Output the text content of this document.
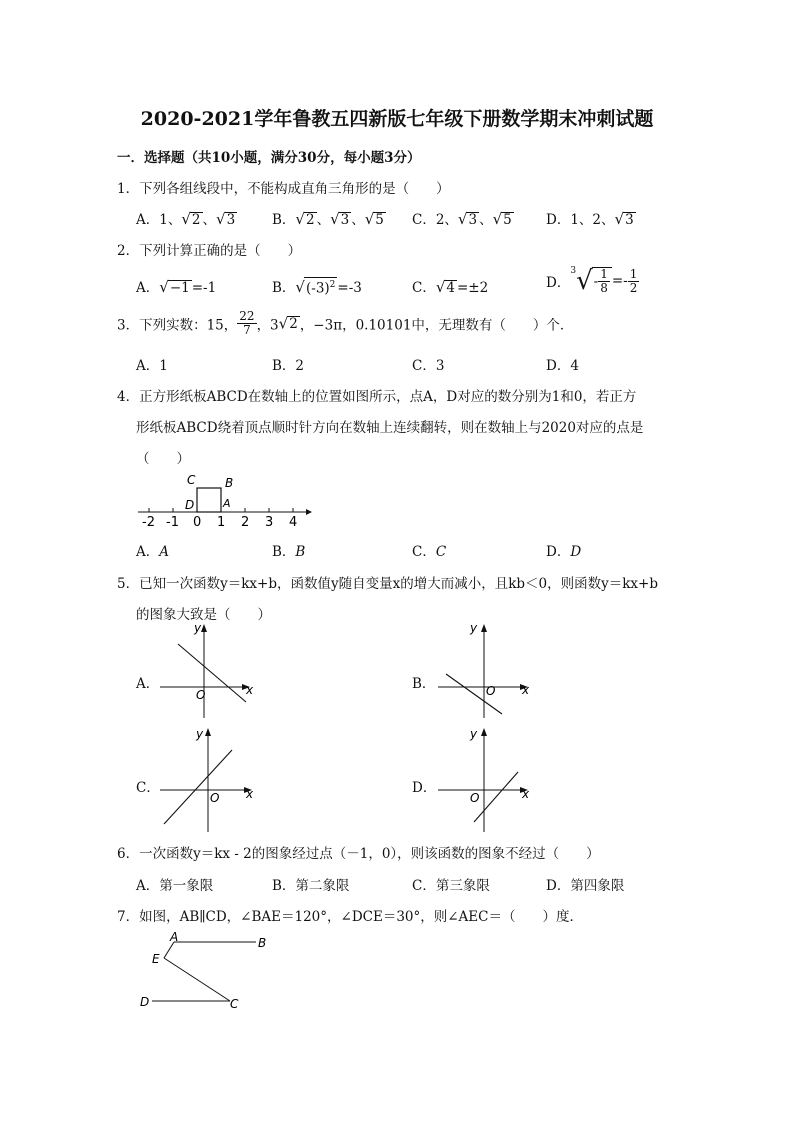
2020-2021学年鲁教五四新版七年级下册数学期末冲刺试题
一．选择题（共10小题，满分30分，每小题3分）
1．下列各组线段中，不能构成直角三角形的是（　　）
A．1、√2 、√3	B．√2 、√3 、√5 C．2、√3 、√5	D．1、2、√3
2．下列计算正确的是（　　）
A．√−1 =-1	B．$√(-3)^2 =-3$	C．√4 =±2	D．$^3√- \frac{1}{8} =- \frac{1}{2}$
3．下列实数：15， $\frac{22}{7}$ ，3√2 ，−3π，0.10101中，无理数有（　　）个．
A．1	B．2	C．3	D．4
4．正方形纸板ABCD在数轴上的位置如图所示，点A，D对应的数分别为1和0，若正方
形纸板ABCD绕着顶点顺时针方向在数轴上连续翻转，则在数轴上与2020对应的点是
（　　）
C B
D	A
-2 -1 0 1 2 3 4
A．A	B．B	C．C	D．D
5．已知一次函数y＝kx+b，函数值y随自变量x的增大而减小，且kb＜0，则函数y＝kx+b
的图象大致是（　　）
A．
y
x
O
B．
y
x
O
C．
y
x
O
D．
y
x
O
6．一次函数y＝kx - 2的图象经过点（－1，0），则该函数的图象不经过（　　）
A．第一象限	B．第二象限	C．第三象限	D．第四象限
7．如图，AB∥CD，∠BAE＝120°，∠DCE＝30°，则∠AEC＝（　　）度．
A	B
E
D	C
